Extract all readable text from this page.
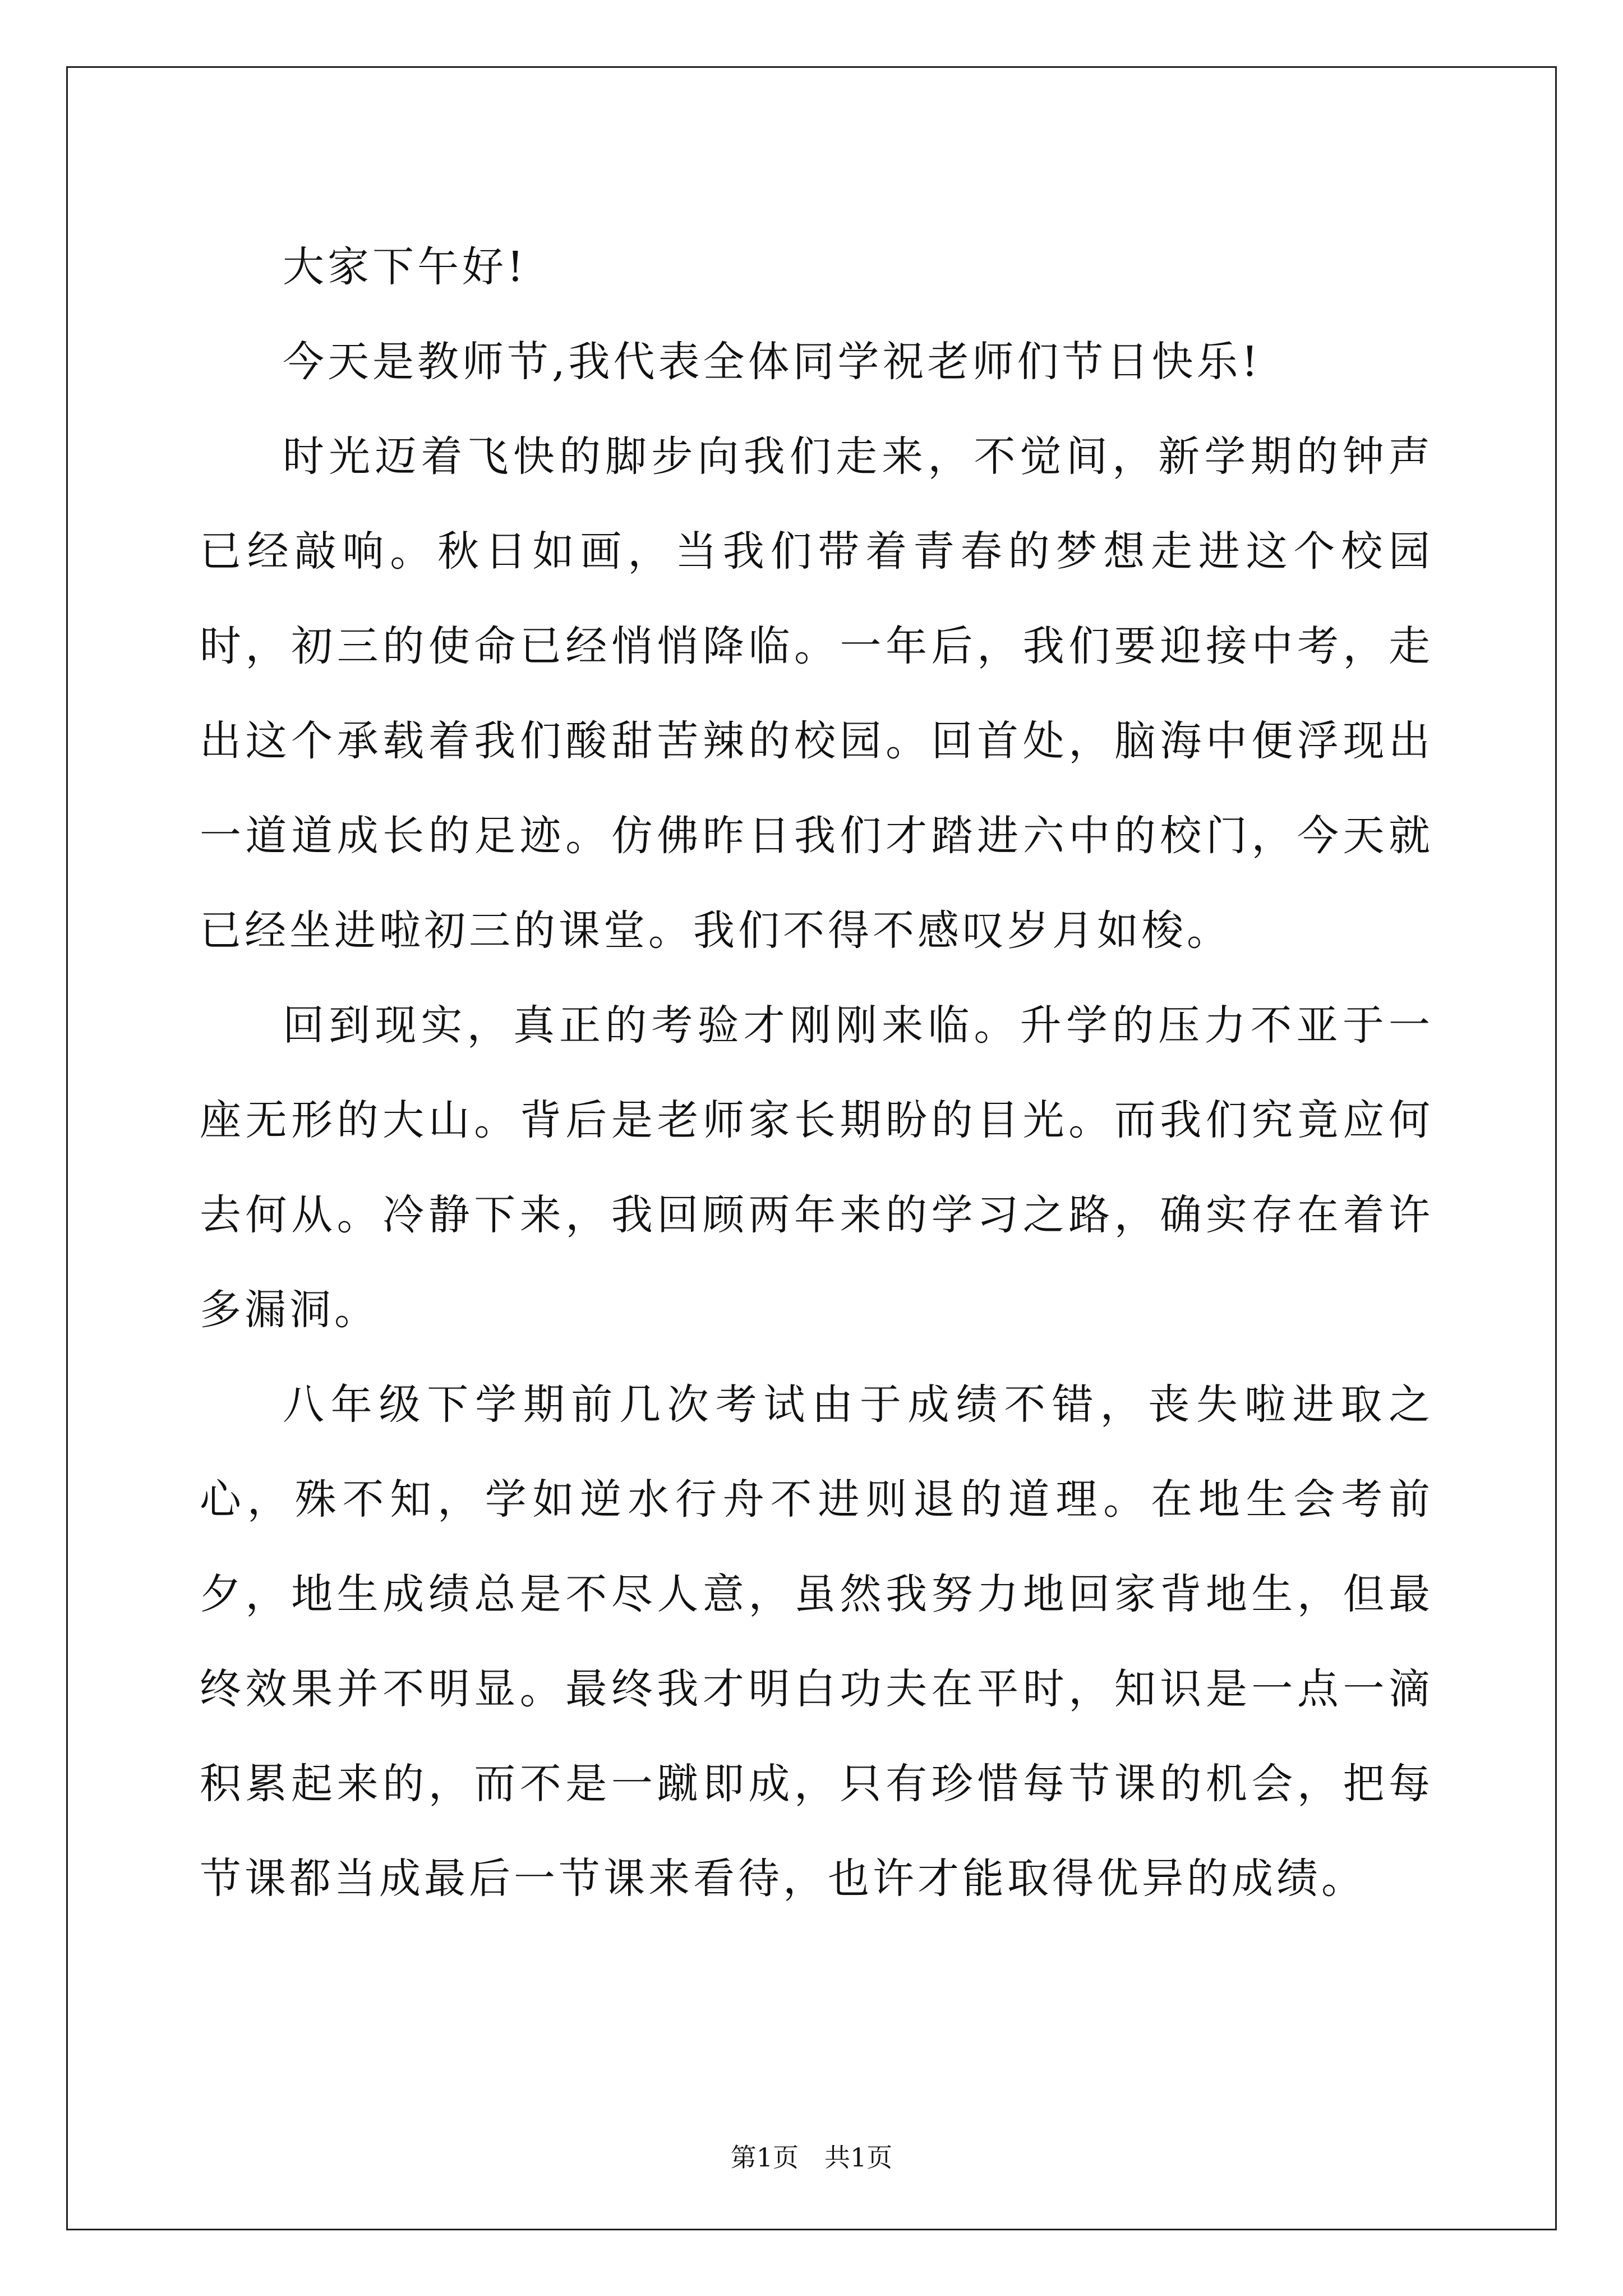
大家下午好!

今天是教师节,我代表全体同学祝老师们节日快乐!

时光迈着飞快的脚步向我们走来，不觉间，新学期的钟声已经敲响。秋日如画，当我们带着青春的梦想走进这个校园时，初三的使命已经悄悄降临。一年后，我们要迎接中考，走出这个承载着我们酸甜苦辣的校园。回首处，脑海中便浮现出一道道成长的足迹。仿佛昨日我们才踏进六中的校门，今天就已经坐进啦初三的课堂。我们不得不感叹岁月如梭。

回到现实，真正的考验才刚刚来临。升学的压力不亚于一座无形的大山。背后是老师家长期盼的目光。而我们究竟应何去何从。冷静下来，我回顾两年来的学习之路，确实存在着许多漏洞。

八年级下学期前几次考试由于成绩不错，丧失啦进取之心，殊不知，学如逆水行舟不进则退的道理。在地生会考前夕，地生成绩总是不尽人意，虽然我努力地回家背地生，但最终效果并不明显。最终我才明白功夫在平时，知识是一点一滴积累起来的，而不是一蹴即成，只有珍惜每节课的机会，把每节课都当成最后一节课来看待，也许才能取得优异的成绩。

第1页 共1页
